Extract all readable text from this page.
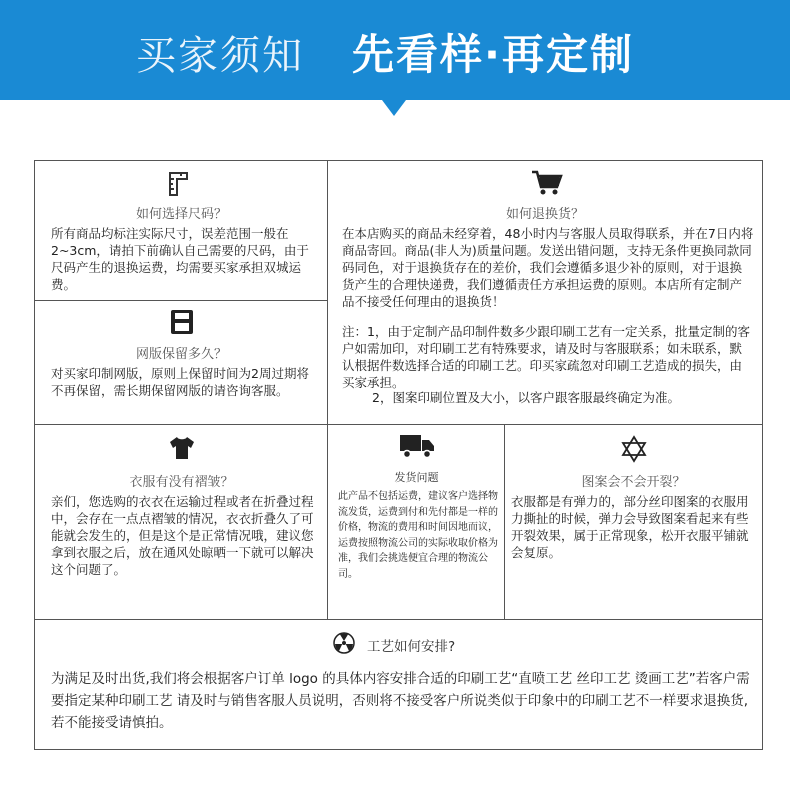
买家须知 先看样·再定制
如何选择尺码？
所有商品均标注实际尺寸，误差范围一般在2~3cm，请拍下前确认自己需要的尺码，由于尺码产生的退换运费，均需要买家承担双城运费。
网版保留多久？
对买家印制网版，原则上保留时间为2周过期将不再保留，需长期保留网版的请咨询客服。
如何退换货？
在本店购买的商品未经穿着，48小时内与客服人员取得联系，并在7日内将商品寄回。商品(非人为)质量问题。发送出错问题，支持无条件更换同款同码同色，对于退换货存在的差价，我们会遵循多退少补的原则，对于退换货产生的合理快递费，我们遵循责任方承担运费的原则。本店所有定制产品不接受任何理由的退换货！
注：1，由于定制产品印制件数多少跟印刷工艺有一定关系，批量定制的客户如需加印，对印刷工艺有特殊要求，请及时与客服联系；如未联系，默认根据件数选择合适的印刷工艺。印买家疏忽对印刷工艺造成的损失，由买家承担。
2，图案印刷位置及大小，以客户跟客服最终确定为准。
衣服有没有褶皱？
亲们，您选购的衣衣在运输过程或者在折叠过程中，会存在一点点褶皱的情况，衣衣折叠久了可能就会发生的，但是这个是正常情况哦，建议您拿到衣服之后，放在通风处晾晒一下就可以解决这个问题了。
发货问题
此产品不包括运费，建议客户选择物流发货，运费到付和先付都是一样的价格，物流的费用和时间因地而议，运费按照物流公司的实际收取价格为准，我们会挑选便宜合理的物流公司。
图案会不会开裂？
衣服都是有弹力的，部分丝印图案的衣服用力撕扯的时候，弹力会导致图案看起来有些开裂效果，属于正常现象，松开衣服平铺就会复原。
工艺如何安排?
为满足及时出货,我们将会根据客户订单 logo 的具体内容安排合适的印刷工艺“直喷工艺 丝印工艺 烫画工艺”若客户需要指定某种印刷工艺 请及时与销售客服人员说明，否则将不接受客户所说类似于印象中的印刷工艺不一样要求退换货,若不能接受请慎拍。
